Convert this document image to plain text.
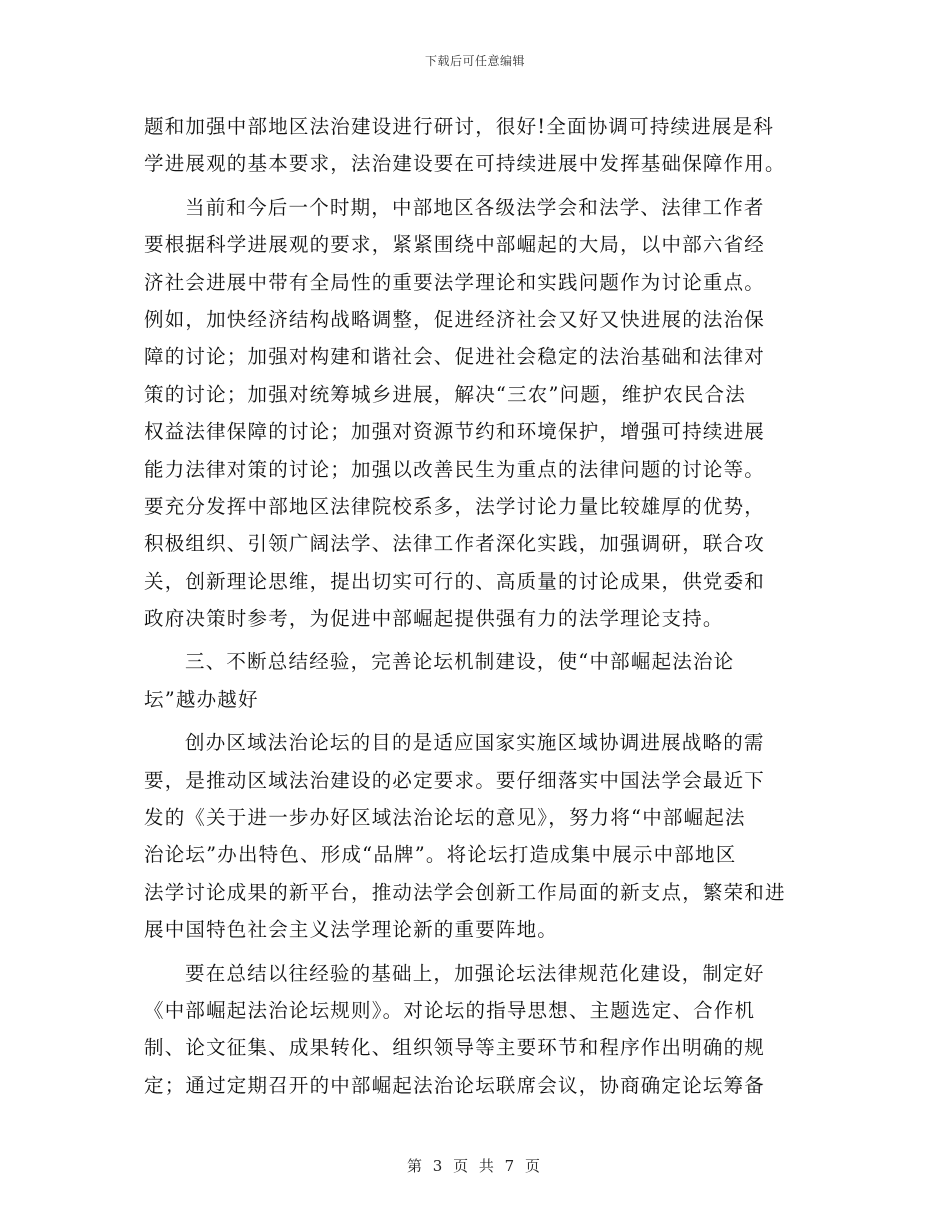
下载后可任意编辑
题和加强中部地区法治建设进行研讨，很好!全面协调可持续进展是科
学进展观的基本要求，法治建设要在可持续进展中发挥基础保障作用。
当前和今后一个时期，中部地区各级法学会和法学、法律工作者
要根据科学进展观的要求，紧紧围绕中部崛起的大局，以中部六省经
济社会进展中带有全局性的重要法学理论和实践问题作为讨论重点。
例如，加快经济结构战略调整，促进经济社会又好又快进展的法治保
障的讨论；加强对构建和谐社会、促进社会稳定的法治基础和法律对
策的讨论；加强对统筹城乡进展，解决“三农”问题，维护农民合法
权益法律保障的讨论；加强对资源节约和环境保护，增强可持续进展
能力法律对策的讨论；加强以改善民生为重点的法律问题的讨论等。
要充分发挥中部地区法律院校系多，法学讨论力量比较雄厚的优势，
积极组织、引领广阔法学、法律工作者深化实践，加强调研，联合攻
关，创新理论思维，提出切实可行的、高质量的讨论成果，供党委和
政府决策时参考，为促进中部崛起提供强有力的法学理论支持。
三、不断总结经验，完善论坛机制建设，使“中部崛起法治论
坛”越办越好
创办区域法治论坛的目的是适应国家实施区域协调进展战略的需
要，是推动区域法治建设的必定要求。要仔细落实中国法学会最近下
发的《关于进一步办好区域法治论坛的意见》，努力将“中部崛起法
治论坛”办出特色、形成“品牌”。将论坛打造成集中展示中部地区
法学讨论成果的新平台，推动法学会创新工作局面的新支点，繁荣和进
展中国特色社会主义法学理论新的重要阵地。
要在总结以往经验的基础上，加强论坛法律规范化建设，制定好
《中部崛起法治论坛规则》。对论坛的指导思想、主题选定、合作机
制、论文征集、成果转化、组织领导等主要环节和程序作出明确的规
定；通过定期召开的中部崛起法治论坛联席会议，协商确定论坛筹备
第 3 页 共 7 页
